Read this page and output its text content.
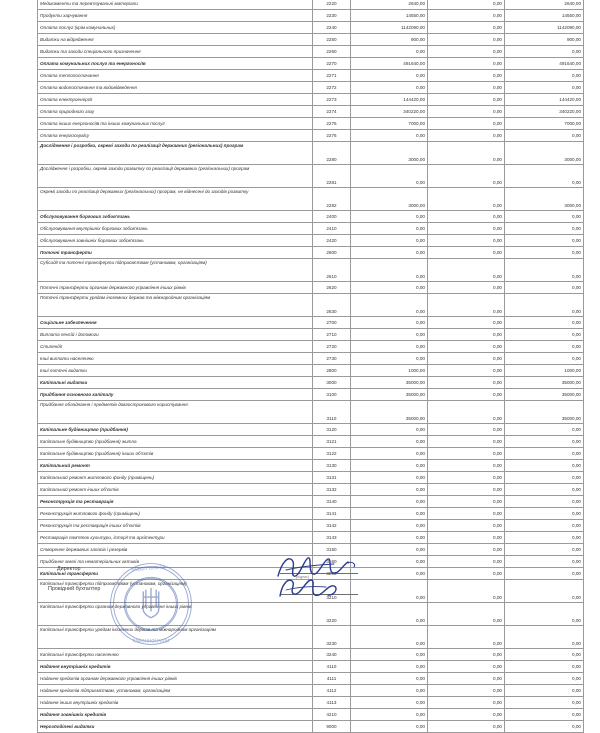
Медикаменти та перев'язувальні матеріали	2220	2640,00	0,00	2640,00
Продукти харчування	2230	14550,00	0,00	14550,00
Оплата послуг (крім комунальних)	2240	1142090,00	0,00	1142090,00
Видатки на відрядження	2250	900,00	0,00	900,00
Видатки та заходи спеціального призначення	2260	0,00	0,00	0,00
Оплата комунальних послуг та енергоносіїв	2270	491640,00	0,00	491640,00
Оплата теплопостачання	2271	0,00	0,00	0,00
Оплата водопостачання та водовідведення	2272	0,00	0,00	0,00
Оплата електроенергії	2273	144420,00	0,00	144420,00
Оплата природного газу	2274	340220,00	0,00	340220,00
Оплата інших енергоносіїв та інших комунальних послуг	2275	7000,00	0,00	7000,00
Оплата енергосервісу	2276	0,00	0,00	0,00
Дослідження і розробки, окремі заходи по реалізації державних (регіональних) програм	2280	3000,00	0,00	3000,00
Дослідження і розробки, окремі заходи розвитку по реалізації державних (регіональних) програм	2281	0,00	0,00	0,00
Окремі заходи по реалізації державних (регіональних) програм, не віднесені до заходів розвитку	2282	3000,00	0,00	3000,00
Обслуговування боргових зобов'язань	2400	0,00	0,00	0,00
Обслуговування внутрішніх боргових зобов'язань	2410	0,00	0,00	0,00
Обслуговування зовнішніх боргових зобов'язань	2420	0,00	0,00	0,00
Поточні трансферти	2600	0,00	0,00	0,00
Субсидії та поточні трансферти підприємствам (установам, організаціям)	2610	0,00	0,00	0,00
Поточні трансферти органам державного управління інших рівнів	2620	0,00	0,00	0,00
Поточні трансферти урядам іноземних держав та міжнародним організаціям	2630	0,00	0,00	0,00
Соціальне забезпечення	2700	0,00	0,00	0,00
Виплата пенсій і допомоги	2710	0,00	0,00	0,00
Стипендії	2720	0,00	0,00	0,00
Інші виплати населенню	2730	0,00	0,00	0,00
Інші поточні видатки	2800	1000,00	0,00	1000,00
Капітальні видатки	3000	35000,00	0,00	35000,00
Придбання основного капіталу	3100	35000,00	0,00	35000,00
Придбання обладнання і предметів довгострокового користування	3110	35000,00	0,00	35000,00
Капітальне будівництво (придбання)	3120	0,00	0,00	0,00
Капітальне будівництво (придбання) житла	3121	0,00	0,00	0,00
Капітальне будівництво (придбання) інших об'єктів	3122	0,00	0,00	0,00
Капітальний ремонт	3130	0,00	0,00	0,00
Капітальний ремонт житлового фонду (приміщень)	3131	0,00	0,00	0,00
Капітальний ремонт інших об'єктів	3132	0,00	0,00	0,00
Реконструкція та реставрація	3140	0,00	0,00	0,00
Реконструкція житлового фонду (приміщень)	3141	0,00	0,00	0,00
Реконструкція та реставрація інших об'єктів	3142	0,00	0,00	0,00
Реставрація пам'яток культури, історії та архітектури	3143	0,00	0,00	0,00
Створення державних запасів і резервів	3150	0,00	0,00	0,00
Придбання землі та нематеріальних активів	3160	0,00	0,00	0,00
Капітальні трансферти	3200	0,00	0,00	0,00
Капітальні трансферти підприємствам (установам, організаціям)	3210	0,00	0,00	0,00
Капітальні трансферти органам державного управління інших рівнів	3220	0,00	0,00	0,00
Капітальні трансферти урядам іноземних держав та міжнародним організаціям	3230	0,00	0,00	0,00
Капітальні трансферти населенню	3240	0,00	0,00	0,00
Надання внутрішніх кредитів	4110	0,00	0,00	0,00
Надання кредитів органам державного управління інших рівнів	4111	0,00	0,00	0,00
Надання кредитів підприємствам, установам, організаціям	4112	0,00	0,00	0,00
Надання інших внутрішніх кредитів	4113	0,00	0,00	0,00
Надання зовнішніх кредитів	4210	0,00	0,00	0,00
Нерозподілені видатки	9000	0,00	0,00	0,00
Директор
Провідний бухгалтер
(підпис)
ВІДДІЛ ОСВІТИ
РАЙОННОЇ РАДИ
